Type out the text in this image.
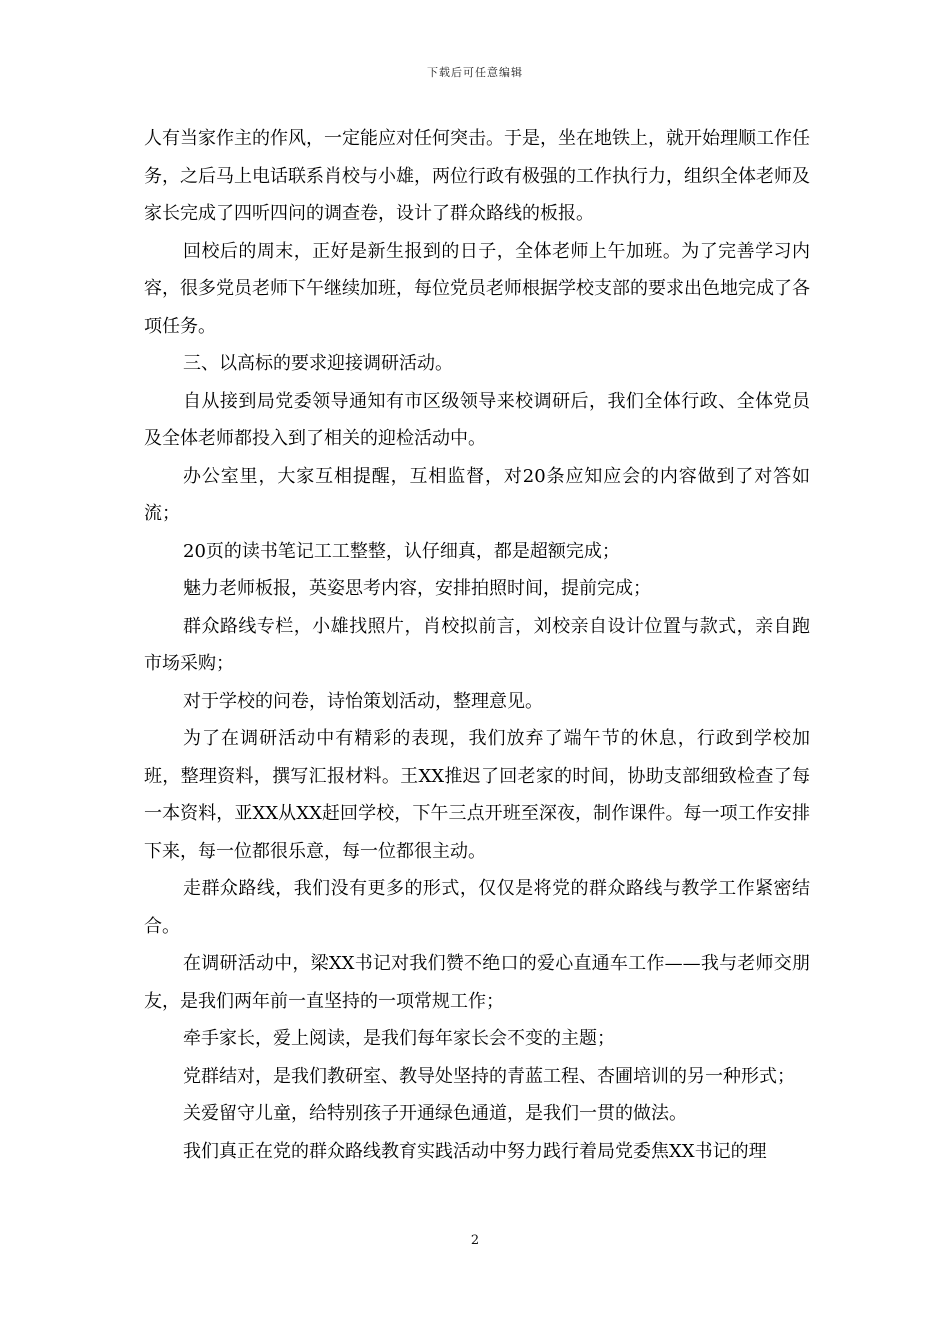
下载后可任意编辑

人有当家作主的作风，一定能应对任何突击。于是，坐在地铁上，就开始理顺工作任务，之后马上电话联系肖校与小雄，两位行政有极强的工作执行力，组织全体老师及家长完成了四听四问的调查卷，设计了群众路线的板报。

回校后的周末，正好是新生报到的日子，全体老师上午加班。为了完善学习内容，很多党员老师下午继续加班，每位党员老师根据学校支部的要求出色地完成了各项任务。

三、以高标的要求迎接调研活动。

自从接到局党委领导通知有市区级领导来校调研后，我们全体行政、全体党员及全体老师都投入到了相关的迎检活动中。

办公室里，大家互相提醒，互相监督，对20条应知应会的内容做到了对答如流；

20页的读书笔记工工整整，认仔细真，都是超额完成；

魅力老师板报，英姿思考内容，安排拍照时间，提前完成；

群众路线专栏，小雄找照片，肖校拟前言，刘校亲自设计位置与款式，亲自跑市场采购；

对于学校的问卷，诗怡策划活动，整理意见。

为了在调研活动中有精彩的表现，我们放弃了端午节的休息，行政到学校加班，整理资料，撰写汇报材料。王XX推迟了回老家的时间，协助支部细致检查了每一本资料，亚XX从XX赶回学校，下午三点开班至深夜，制作课件。每一项工作安排下来，每一位都很乐意，每一位都很主动。

走群众路线，我们没有更多的形式，仅仅是将党的群众路线与教学工作紧密结合。

在调研活动中，梁XX书记对我们赞不绝口的爱心直通车工作——我与老师交朋友，是我们两年前一直坚持的一项常规工作；

牵手家长，爱上阅读，是我们每年家长会不变的主题；

党群结对，是我们教研室、教导处坚持的青蓝工程、杏圃培训的另一种形式；

关爱留守儿童，给特别孩子开通绿色通道，是我们一贯的做法。

我们真正在党的群众路线教育实践活动中努力践行着局党委焦XX书记的理

2
